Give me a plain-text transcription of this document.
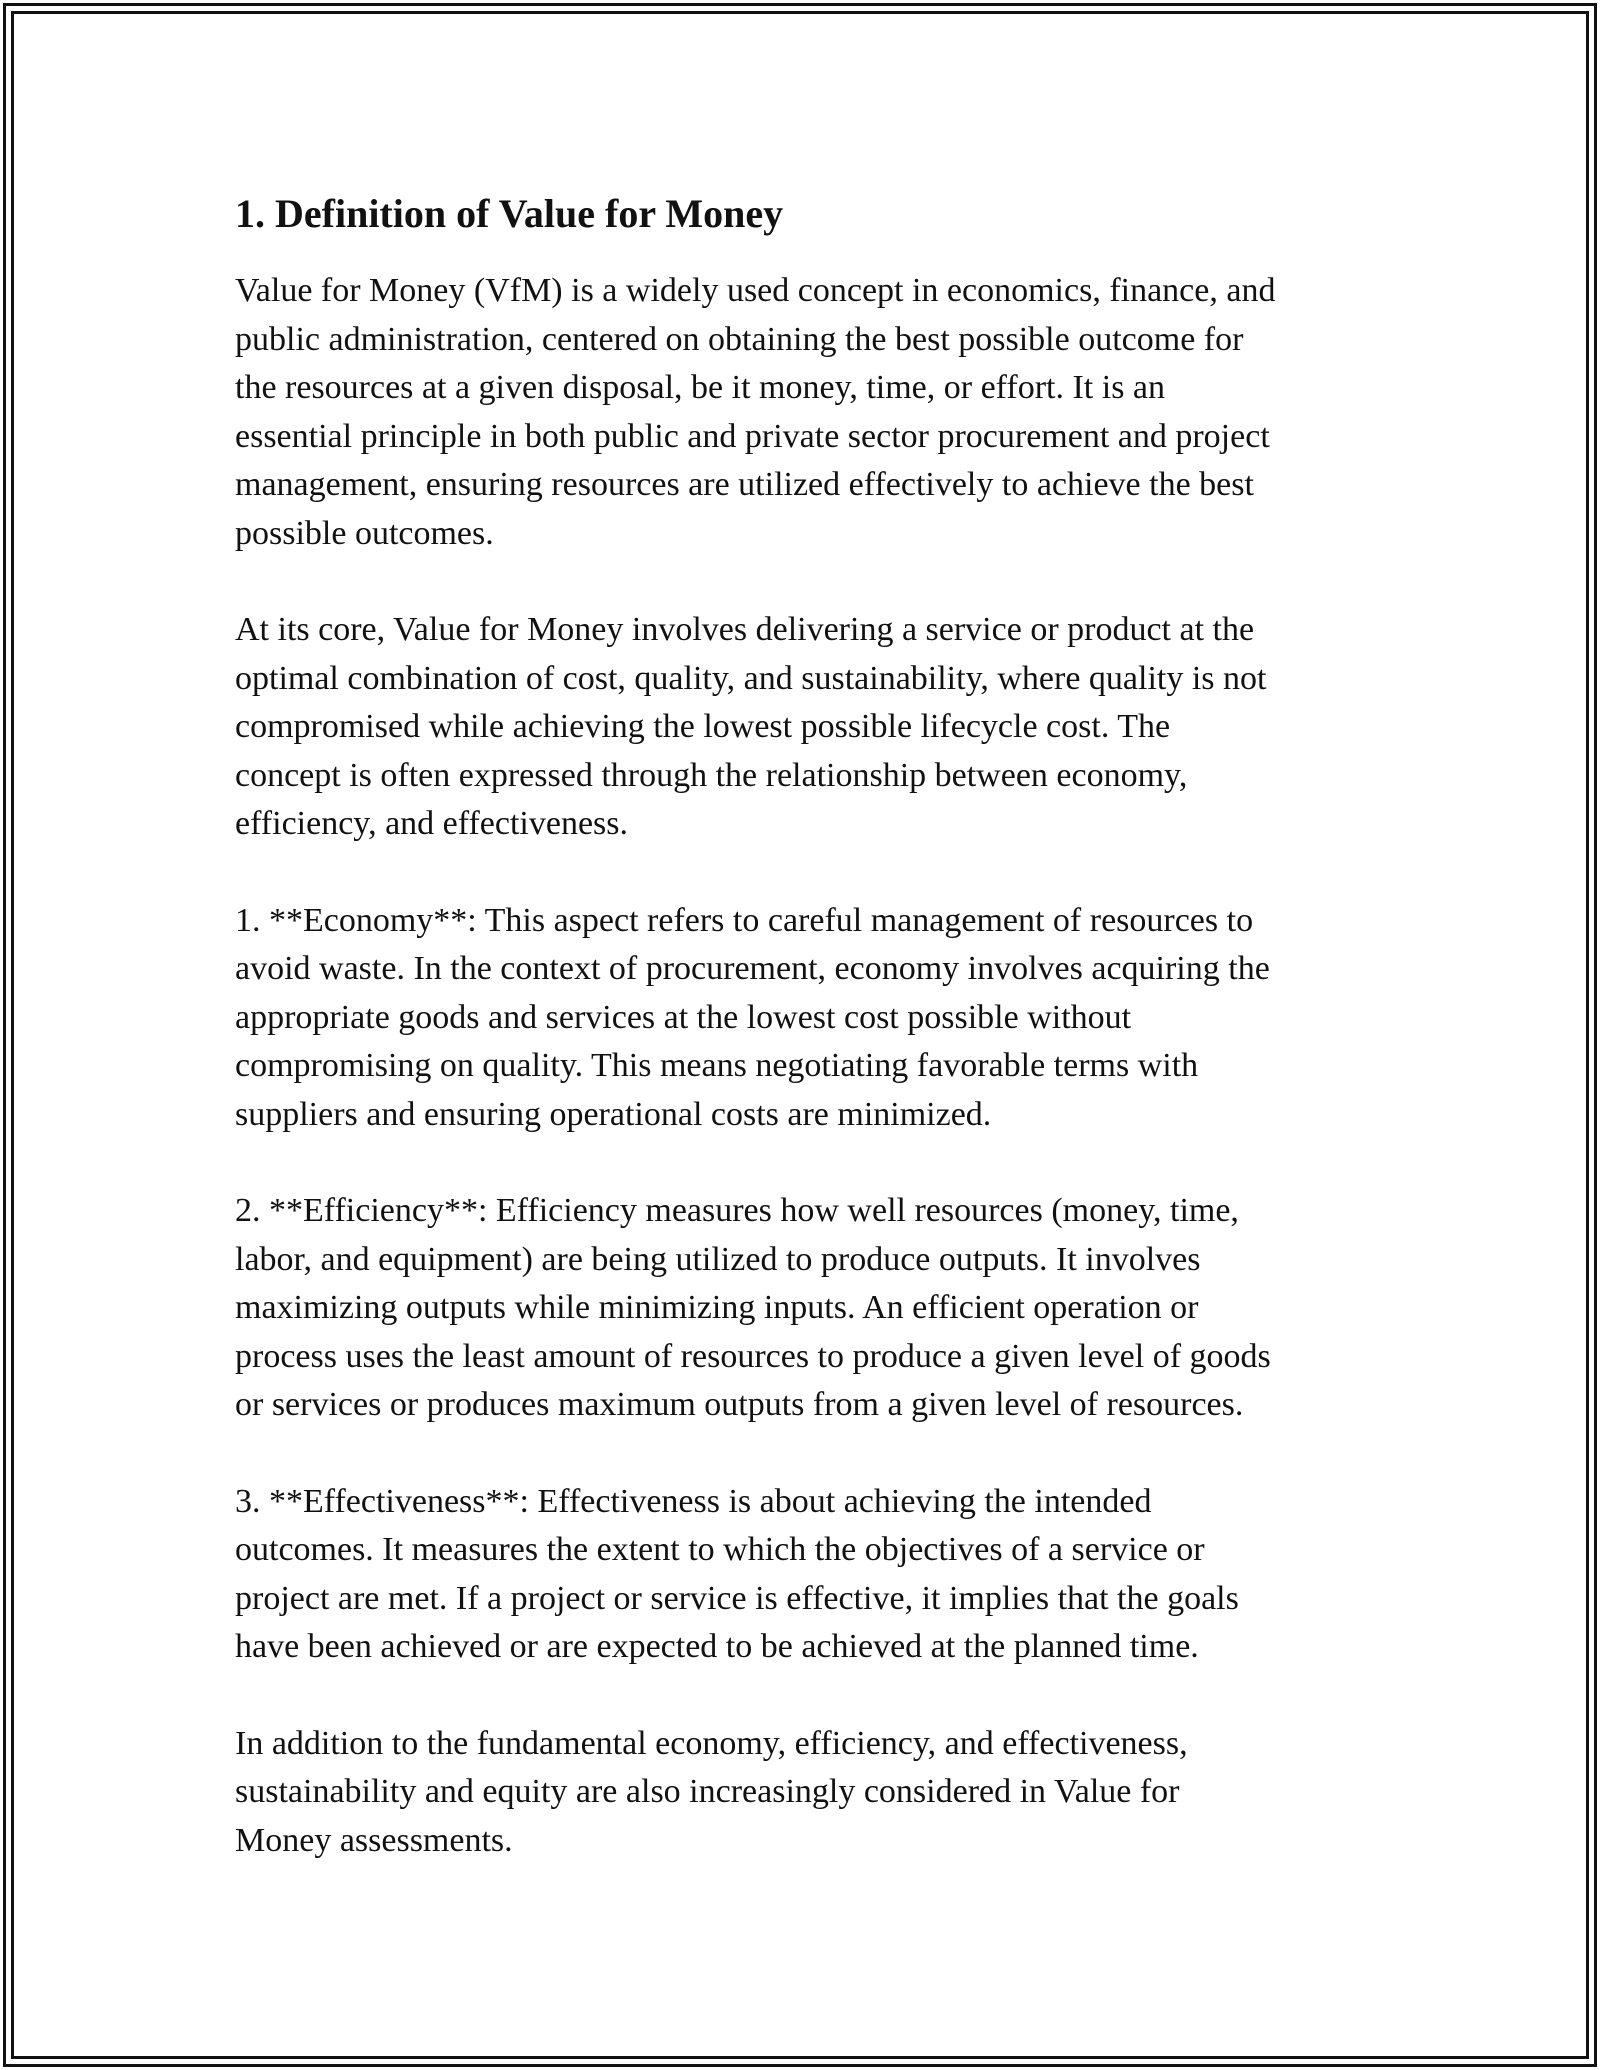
1. Definition of Value for Money

Value for Money (VfM) is a widely used concept in economics, finance, and
public administration, centered on obtaining the best possible outcome for
the resources at a given disposal, be it money, time, or effort. It is an
essential principle in both public and private sector procurement and project
management, ensuring resources are utilized effectively to achieve the best
possible outcomes.

At its core, Value for Money involves delivering a service or product at the
optimal combination of cost, quality, and sustainability, where quality is not
compromised while achieving the lowest possible lifecycle cost. The
concept is often expressed through the relationship between economy,
efficiency, and effectiveness.

1. **Economy**: This aspect refers to careful management of resources to
avoid waste. In the context of procurement, economy involves acquiring the
appropriate goods and services at the lowest cost possible without
compromising on quality. This means negotiating favorable terms with
suppliers and ensuring operational costs are minimized.

2. **Efficiency**: Efficiency measures how well resources (money, time,
labor, and equipment) are being utilized to produce outputs. It involves
maximizing outputs while minimizing inputs. An efficient operation or
process uses the least amount of resources to produce a given level of goods
or services or produces maximum outputs from a given level of resources.

3. **Effectiveness**: Effectiveness is about achieving the intended
outcomes. It measures the extent to which the objectives of a service or
project are met. If a project or service is effective, it implies that the goals
have been achieved or are expected to be achieved at the planned time.

In addition to the fundamental economy, efficiency, and effectiveness,
sustainability and equity are also increasingly considered in Value for
Money assessments.
